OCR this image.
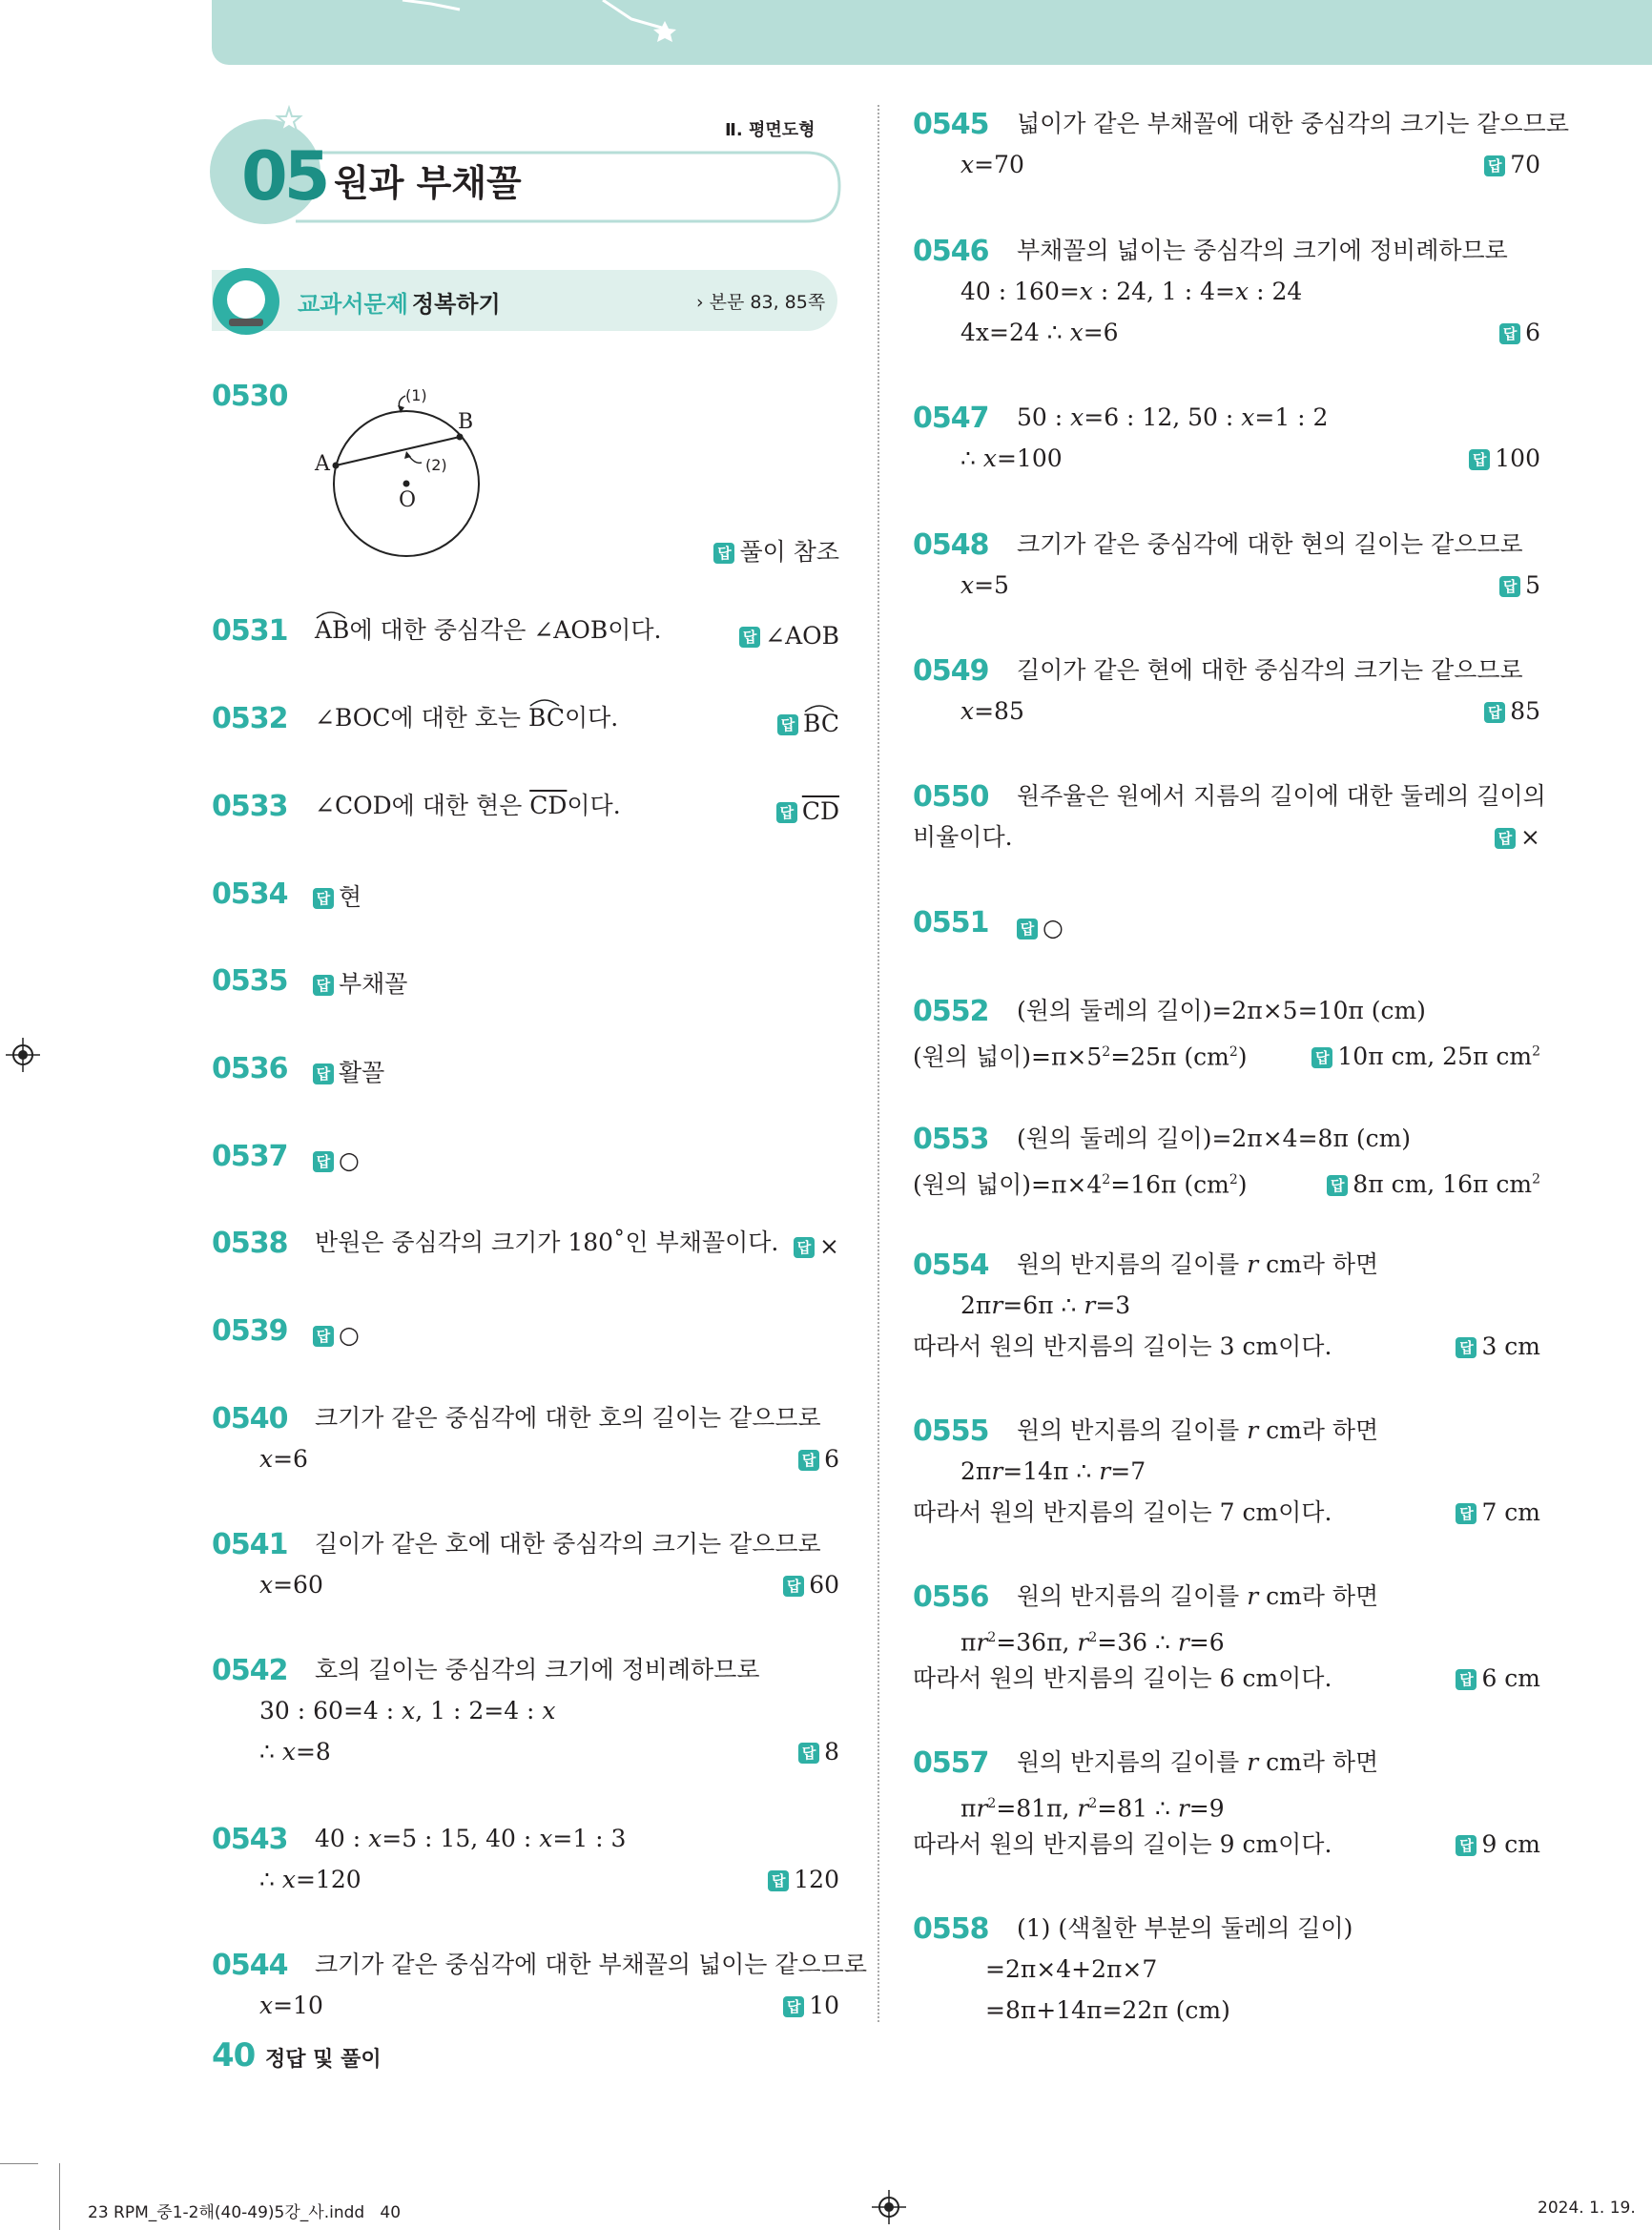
Ⅱ. 평면도형
05 원과 부채꼴
교과서문제 정복하기	› 본문 83, 85쪽
(1)
(2)
A
B
O
0530
답 풀이 참조
0531 AB
에 대한 중심각은 ∠AOB이다.	답 ∠AOB
0532 ∠BOC에 대한 호는 BC
이다.	답 BC
0533 ∠COD에 대한 현은 $\overline{CD}$이다.	답 $\overline{CD}$
0534 답 현
0535 답 부채꼴
0536 답 활꼴
0537 답 ○
0538 반원은 중심각의 크기가 180˚인 부채꼴이다. 답 ×
0539 답 ○
0540 크기가 같은 중심각에 대한 호의 길이는 같으므로
x=6	답 6
0541 길이가 같은 호에 대한 중심각의 크기는 같으므로
x=60	답 60
0542 호의 길이는 중심각의 크기에 정비례하므로
30 : 60=4 : x, 1 : 2=4 : x
∴ x=8	답 8
0543 40 : x=5 : 15, 40 : x=1 : 3
∴ x=120	답 120
0544 크기가 같은 중심각에 대한 부채꼴의 넓이는 같으므로
x=10	답 10
0545 넓이가 같은 부채꼴에 대한 중심각의 크기는 같으므로
x=70	답 70
0546 부채꼴의 넓이는 중심각의 크기에 정비례하므로
40 : 160=x : 24, 1 : 4=x : 24
4x=24 ∴ x=6	답 6
0547 50 : x=6 : 12, 50 : x=1 : 2
∴ x=100	답 100
0548 크기가 같은 중심각에 대한 현의 길이는 같으므로
x=5	답 5
0549 길이가 같은 현에 대한 중심각의 크기는 같으므로
x=85	답 85
0550 원주율은 원에서 지름의 길이에 대한 둘레의 길이의
비율이다.	답 ×
0551 답 ○
0552 (원의 둘레의 길이)=2π×5=10π (cm)
(원의 넓이)$=\pi\times 5^2=25\pi$ $(cm^2)$	답 10π cm, 25π $cm^2$
0553 (원의 둘레의 길이)=2π×4=8π (cm)
(원의 넓이)$=\pi\times 4^2=16\pi$ $(cm^2)$	답 8π cm, 16π $cm^2$
0554 원의 반지름의 길이를 r cm라 하면
2πr=6π ∴ r=3
따라서 원의 반지름의 길이는 3 cm이다.	답 3 cm
0555 원의 반지름의 길이를 r cm라 하면
2πr=14π ∴ r=7
따라서 원의 반지름의 길이는 7 cm이다.	답 7 cm
0556 원의 반지름의 길이를 r cm라 하면
$\pi r^2=36\pi$, $r^2=36$ ∴ r=6
따라서 원의 반지름의 길이는 6 cm이다.	답 6 cm
0557 원의 반지름의 길이를 r cm라 하면
$\pi r^2=81\pi$, $r^2=81$ ∴ r=9
따라서 원의 반지름의 길이는 9 cm이다.	답 9 cm
0558 (1) (색칠한 부분의 둘레의 길이)
=2π×4+2π×7
=8π+14π=22π (cm)
40 정답 및 풀이
23 RPM_중1-2해(40-49)5강_사.indd   40	2024. 1. 19.
